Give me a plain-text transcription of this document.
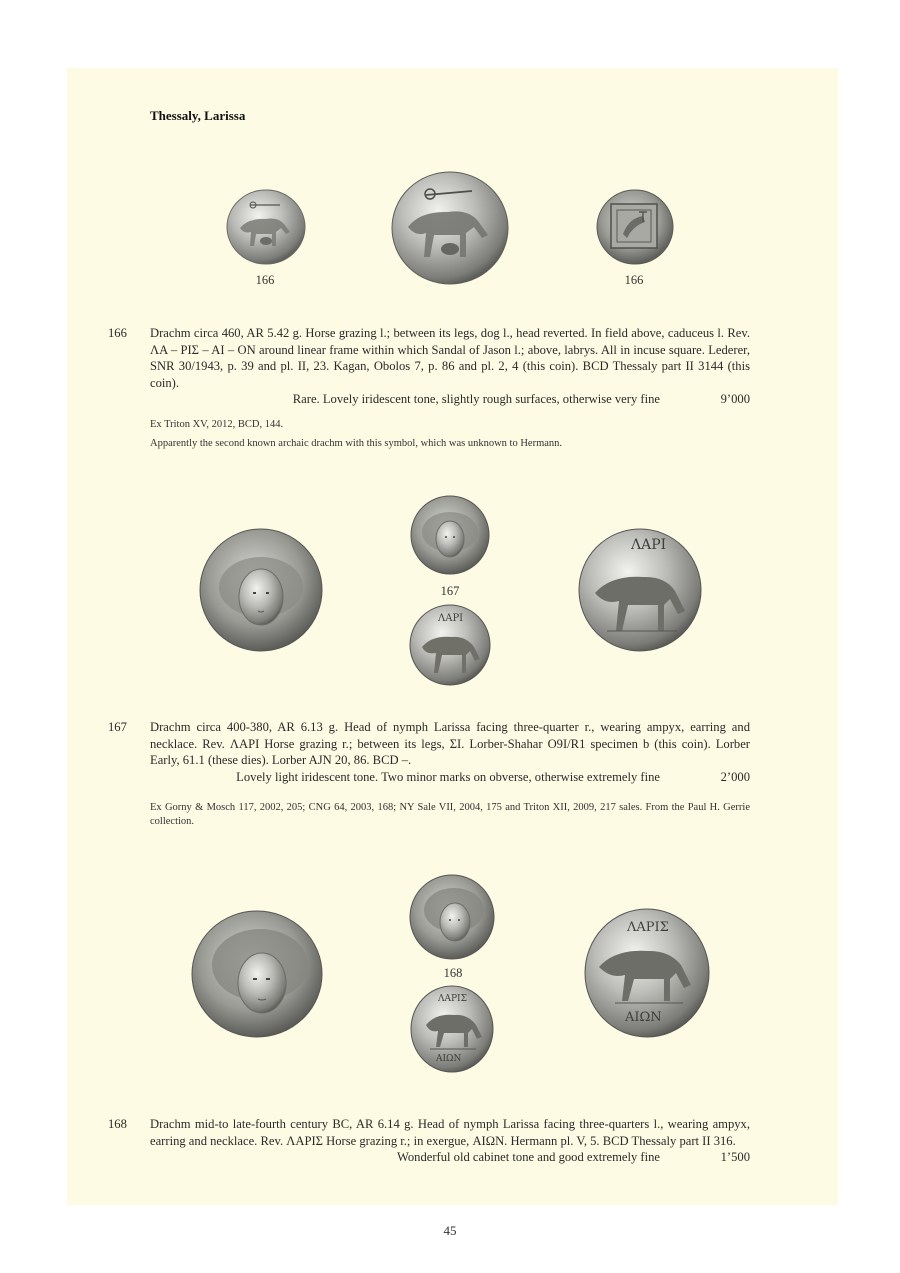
Thessaly, Larissa
166	166
166 Drachm circa 460, AR 5.42 g. Horse grazing l.; between its legs, dog l., head reverted. In field above, caduceus l. Rev. ΛΑ – ΡΙΣ – ΑΙ – ΟΝ around linear frame within which Sandal of Jason l.; above, labrys. All in incuse square. Lederer, SNR 30/1943, p. 39 and pl. II, 23. Kagan, Obolos 7, p. 86 and pl. 2, 4 (this coin). BCD Thessaly part II 3144 (this coin).

Rare. Lovely iridescent tone, slightly rough surfaces, otherwise very fine	9’000
Ex Triton XV, 2012, BCD, 144.
Apparently the second known archaic drachm with this symbol, which was unknown to Hermann.
167
ΛΑΡΙ
ΛΑΡΙ
167 Drachm circa 400-380, AR 6.13 g. Head of nymph Larissa facing three-quarter r., wearing ampyx, earring and necklace. Rev. ΛΑΡΙ Horse grazing r.; between its legs, ΣΙ. Lorber-Shahar O9I/R1 specimen b (this coin). Lorber Early, 61.1 (these dies). Lorber AJN 20, 86. BCD –.

Lovely light iridescent tone. Two minor marks on obverse, otherwise extremely fine	2’000
Ex Gorny & Mosch 117, 2002, 205; CNG 64, 2003, 168; NY Sale VII, 2004, 175 and Triton XII, 2009, 217 sales. From the Paul H. Gerrie collection.
168
ΛΑΡΙΣ
ΑΙΩΝ
ΛΑΡΙΣ
ΑΙΩΝ
168 Drachm mid-to late-fourth century BC, AR 6.14 g. Head of nymph Larissa facing three-quarters l., wearing ampyx, earring and necklace. Rev. ΛΑΡΙΣ Horse grazing r.; in exergue, ΑΙΩΝ. Hermann pl. V, 5. BCD Thessaly part II 316.

Wonderful old cabinet tone and good extremely fine	1’500
45
